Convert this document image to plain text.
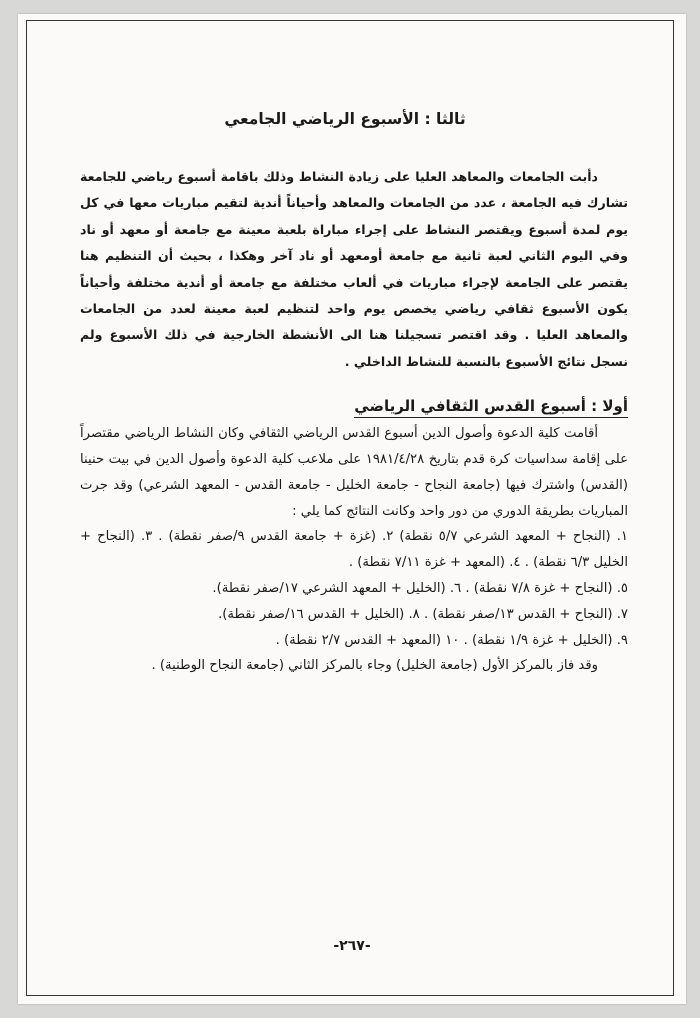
ثالثا : الأسبوع الرياضي الجامعي

دأبت الجامعات والمعاهد العليا على زيادة النشاط وذلك باقامة أسبوع رياضي للجامعة تشارك فيه الجامعة ، عدد من الجامعات والمعاهد وأحياناً أندية لتقيم مباريات معها في كل يوم لمدة أسبوع ويقتصر النشاط على إجراء مباراة بلعبة معينة مع جامعة أو معهد أو ناد وفي اليوم الثاني لعبة ثانية مع جامعة أومعهد أو ناد آخر وهكذا ، بحيث أن التنظيم هنا يقتصر على الجامعة لإجراء مباريات في ألعاب مختلفة مع جامعة أو أندية مختلفة وأحياناً يكون الأسبوع ثقافي رياضي يخصص يوم واحد لتنظيم لعبة معينة لعدد من الجامعات والمعاهد العليا . وقد اقتصر تسجيلنا هنا الى الأنشطة الخارجية في ذلك الأسبوع ولم نسجل نتائج الأسبوع بالنسبة للنشاط الداخلي .

أولا : أسبوع القدس الثقافي الرياضي

أقامت كلية الدعوة وأصول الدين أسبوع القدس الرياضي الثقافي وكان النشاط الرياضي مقتصراً على إقامة سداسيات كرة قدم بتاريخ ١٩٨١/٤/٢٨ على ملاعب كلية الدعوة وأصول الدين في بيت حنينا (القدس) واشترك فيها (جامعة النجاح - جامعة الخليل - جامعة القدس - المعهد الشرعي) وقد جرت المباريات بطريقة الدوري من دور واحد وكانت النتائج كما يلي :

١. (النجاح + المعهد الشرعي ٥/٧ نقطة) ٢. (غزة + جامعة القدس ٩/صفر نقطة) . ٣. (النجاح + الخليل ٦/٣ نقطة) . ٤. (المعهد + غزة ٧/١١ نقطة) .
٥. (النجاح + غزة ٧/٨ نقطة) . ٦. (الخليل + المعهد الشرعي ١٧/صفر نقطة).
٧. (النجاح + القدس ١٣/صفر نقطة) . ٨. (الخليل + القدس ١٦/صفر نقطة).
٩. (الخليل + غزة ١/٩ نقطة) . ١٠ (المعهد + القدس ٢/٧ نقطة) .

وقد فاز بالمركز الأول (جامعة الخليل) وجاء بالمركز الثاني (جامعة النجاح الوطنية) .

-٢٦٧-
